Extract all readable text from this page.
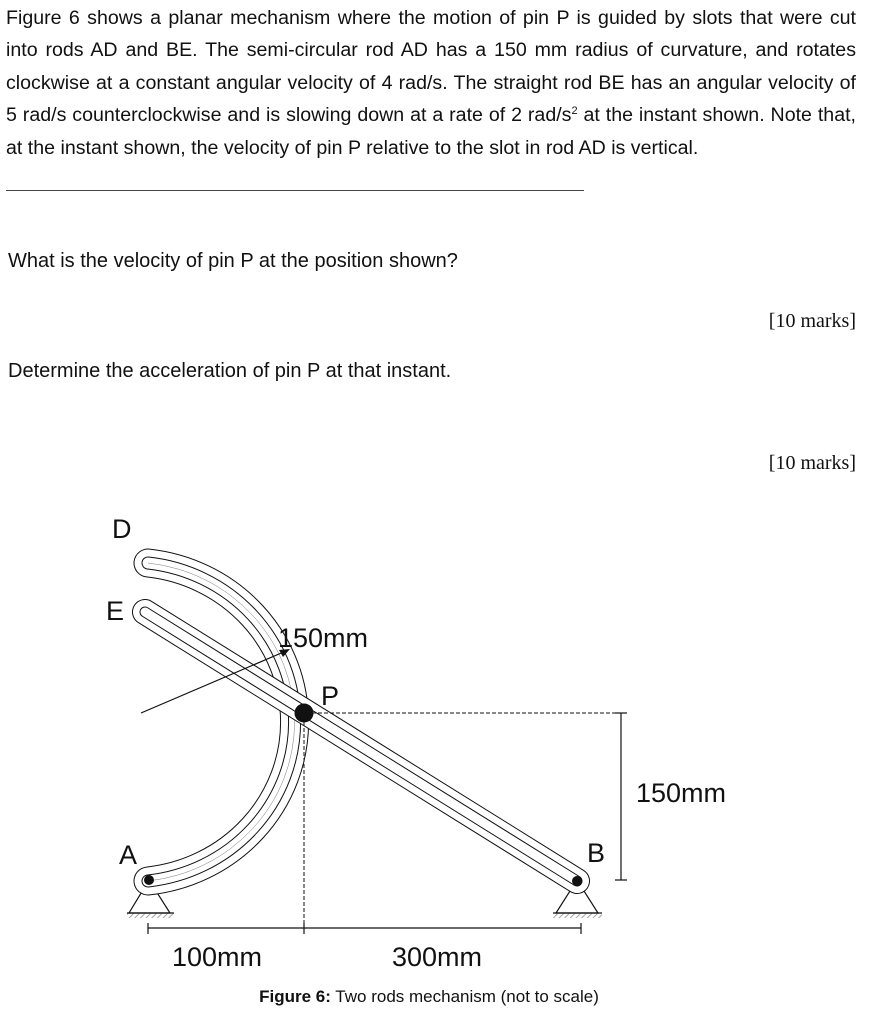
Figure 6 shows a planar mechanism where the motion of pin P is guided by slots that were cut into rods AD and BE. The semi-circular rod AD has a 150 mm radius of curvature, and rotates clockwise at a constant angular velocity of 4 rad/s. The straight rod BE has an angular velocity of 5 rad/s counterclockwise and is slowing down at a rate of 2 rad/$s^2$ at the instant shown. Note that, at the instant shown, the velocity of pin P relative to the slot in rod AD is vertical.

What is the velocity of pin P at the position shown?

[10 marks]

Determine the acceleration of pin P at that instant.

[10 marks]

D
E
A	B
P
150mm
150mm
100mm	300mm

Figure 6: Two rods mechanism (not to scale)
